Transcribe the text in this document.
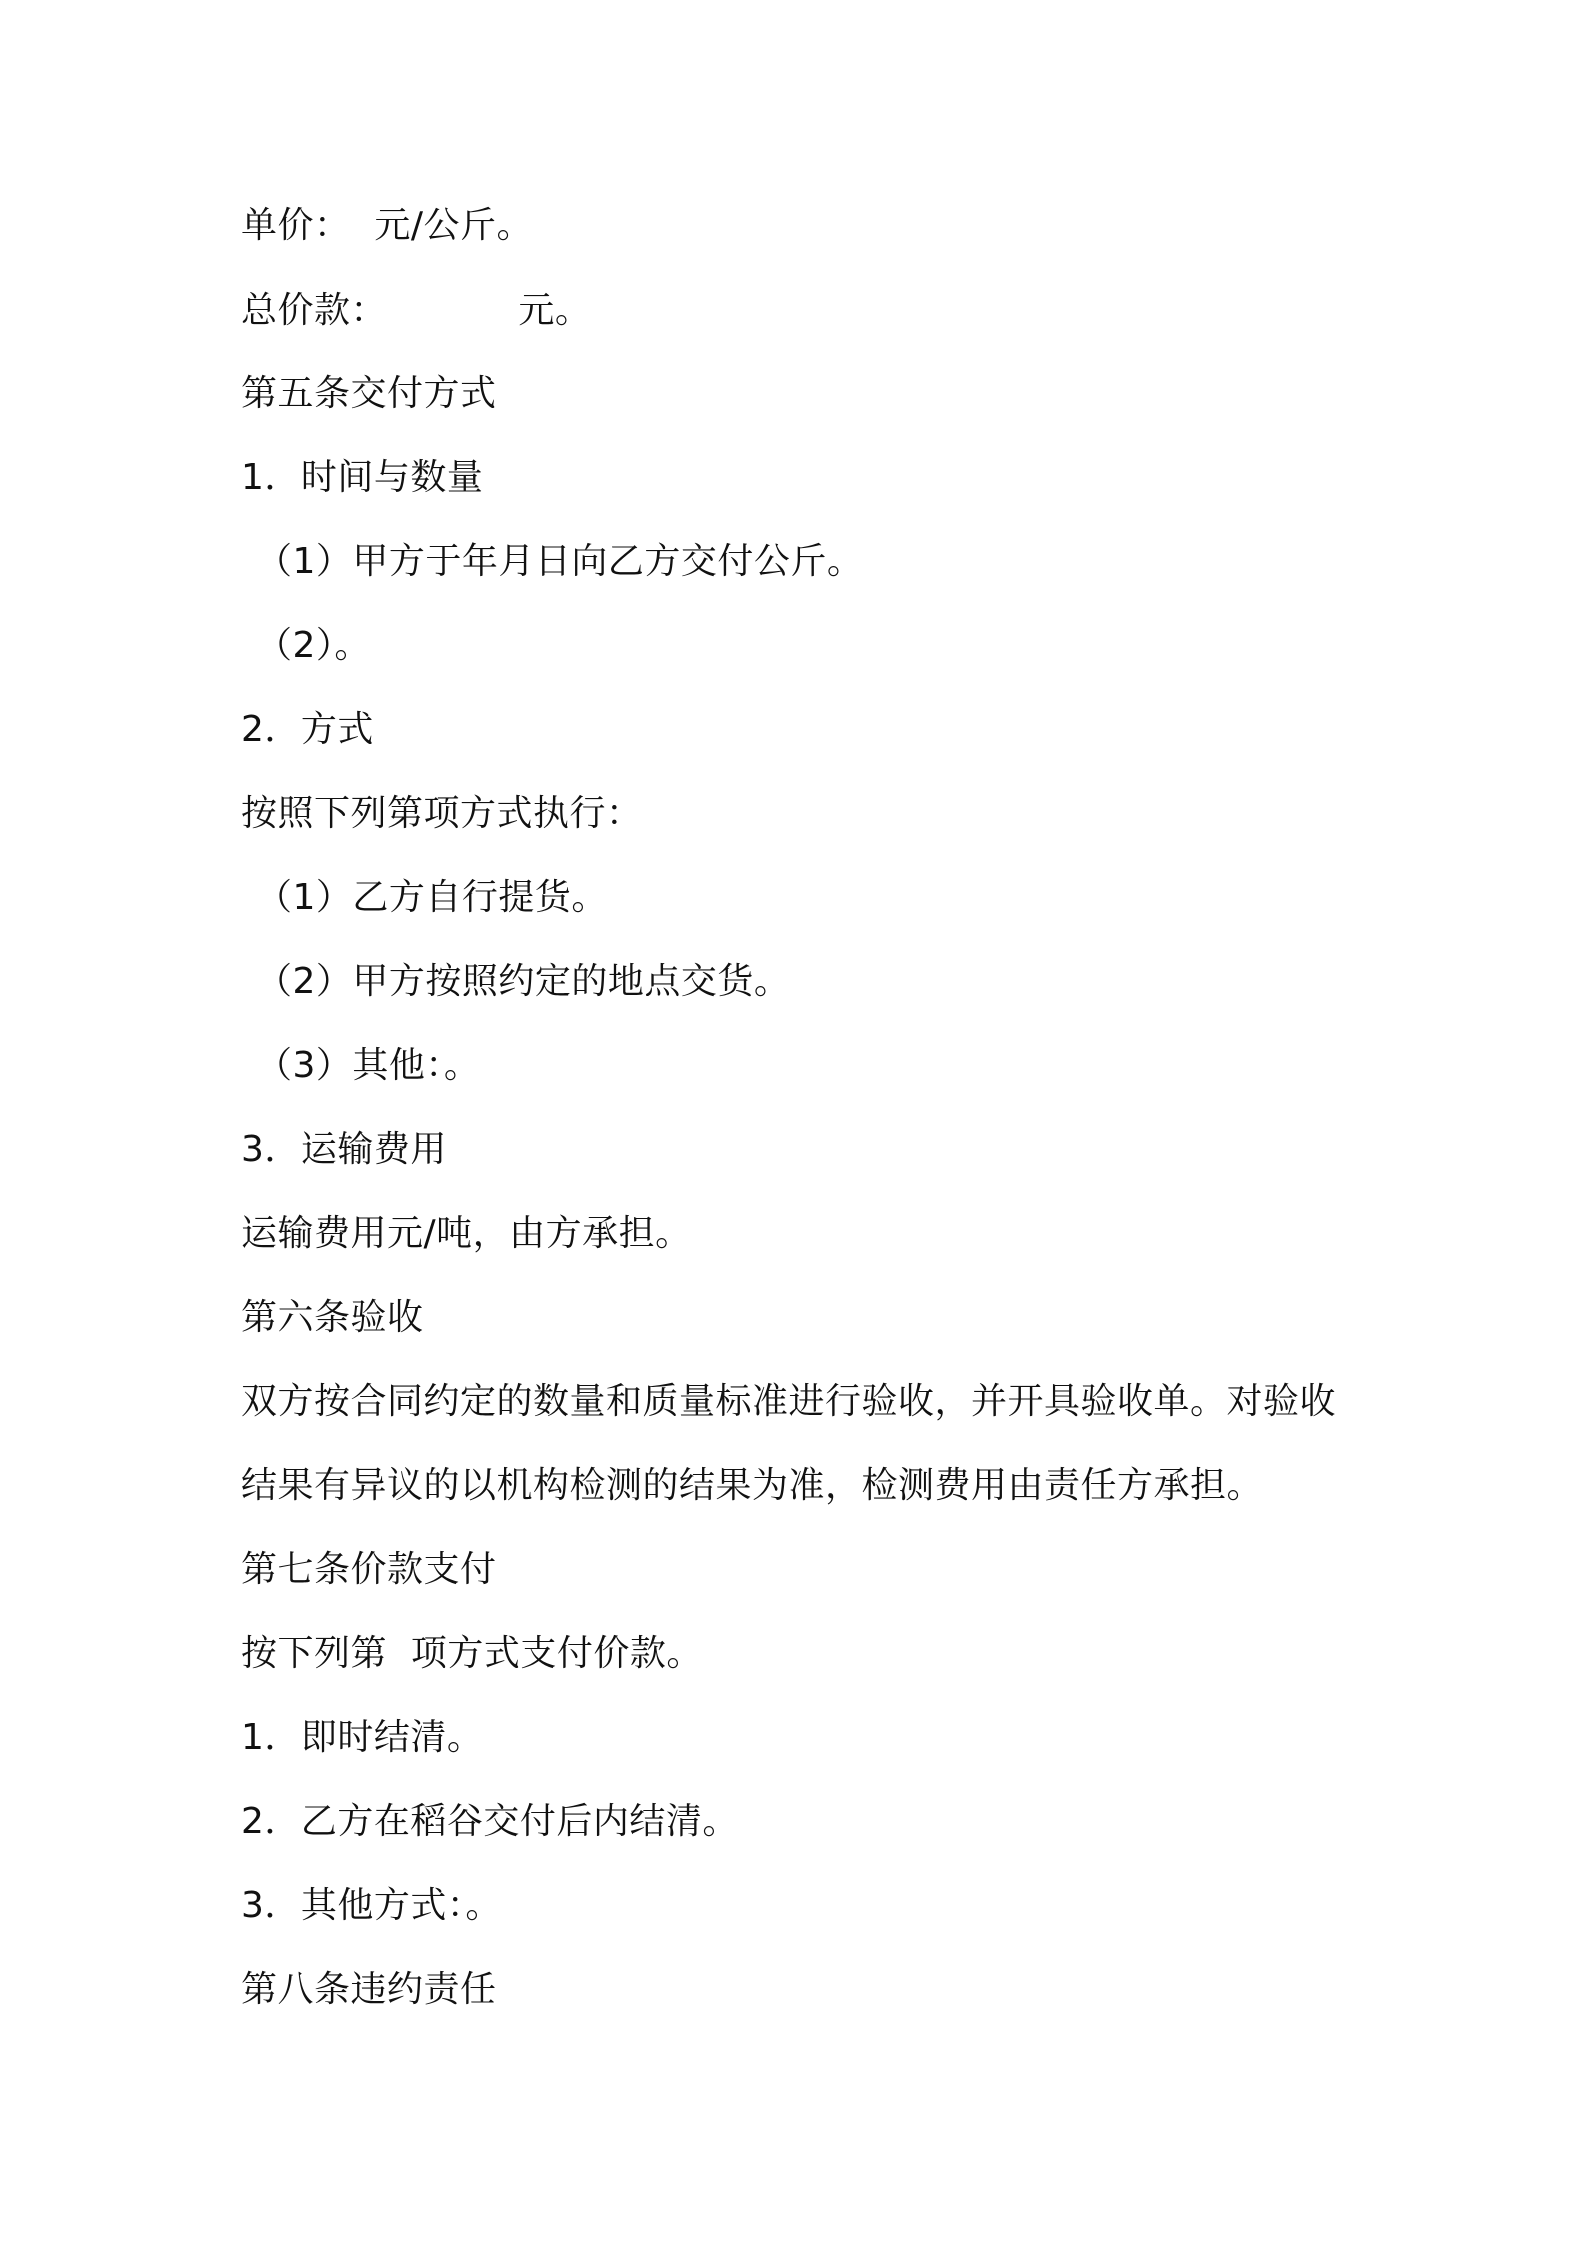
单价：  元/公斤。
总价款：           元。
第五条交付方式
1．时间与数量
（1）甲方于年月日向乙方交付公斤。
（2）。
2．方式
按照下列第项方式执行：
（1）乙方自行提货。
（2）甲方按照约定的地点交货。
（3）其他：。
3．运输费用
运输费用元/吨，由方承担。
第六条验收
双方按合同约定的数量和质量标准进行验收，并开具验收单。对验收
结果有异议的以机构检测的结果为准，检测费用由责任方承担。
第七条价款支付
按下列第  项方式支付价款。
1．即时结清。
2．乙方在稻谷交付后内结清。
3．其他方式：。
第八条违约责任
